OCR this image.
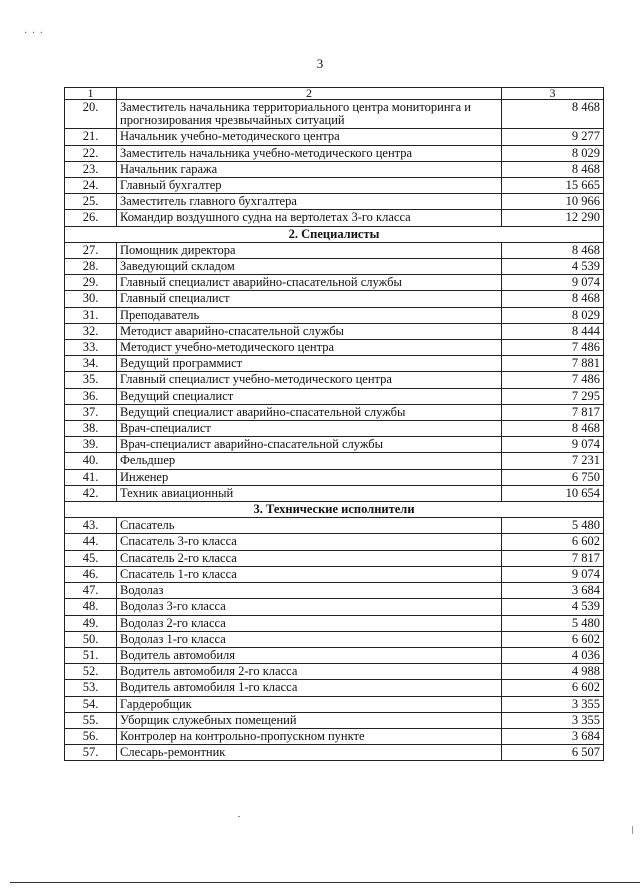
· · ·
3
1	2	3
20.	Заместитель начальника территориального центра мониторинга и прогнозирования чрезвычайных ситуаций	8 468
21.	Начальник учебно-методического центра	9 277
22.	Заместитель начальника учебно-методического центра	8 029
23.	Начальник гаража	8 468
24.	Главный бухгалтер	15 665
25.	Заместитель главного бухгалтера	10 966
26.	Командир воздушного судна на вертолетах 3-го класса	12 290
2. Специалисты		
27.	Помощник директора	8 468
28.	Заведующий складом	4 539
29.	Главный специалист аварийно-спасательной службы	9 074
30.	Главный специалист	8 468
31.	Преподаватель	8 029
32.	Методист аварийно-спасательной службы	8 444
33.	Методист учебно-методического центра	7 486
34.	Ведущий программист	7 881
35.	Главный специалист учебно-методического центра	7 486
36.	Ведущий специалист	7 295
37.	Ведущий специалист аварийно-спасательной службы	7 817
38.	Врач-специалист	8 468
39.	Врач-специалист аварийно-спасательной службы	9 074
40.	Фельдшер	7 231
41.	Инженер	6 750
42.	Техник авиационный	10 654
3. Технические исполнители		
43.	Спасатель	5 480
44.	Спасатель 3-го класса	6 602
45.	Спасатель 2-го класса	7 817
46.	Спасатель 1-го класса	9 074
47.	Водолаз	3 684
48.	Водолаз 3-го класса	4 539
49.	Водолаз 2-го класса	5 480
50.	Водолаз 1-го класса	6 602
51.	Водитель автомобиля	4 036
52.	Водитель автомобиля 2-го класса	4 988
53.	Водитель автомобиля 1-го класса	6 602
54.	Гардеробщик	3 355
55.	Уборщик служебных помещений	3 355
56.	Контролер на контрольно-пропускном пункте	3 684
57.	Слесарь-ремонтник	6 507
